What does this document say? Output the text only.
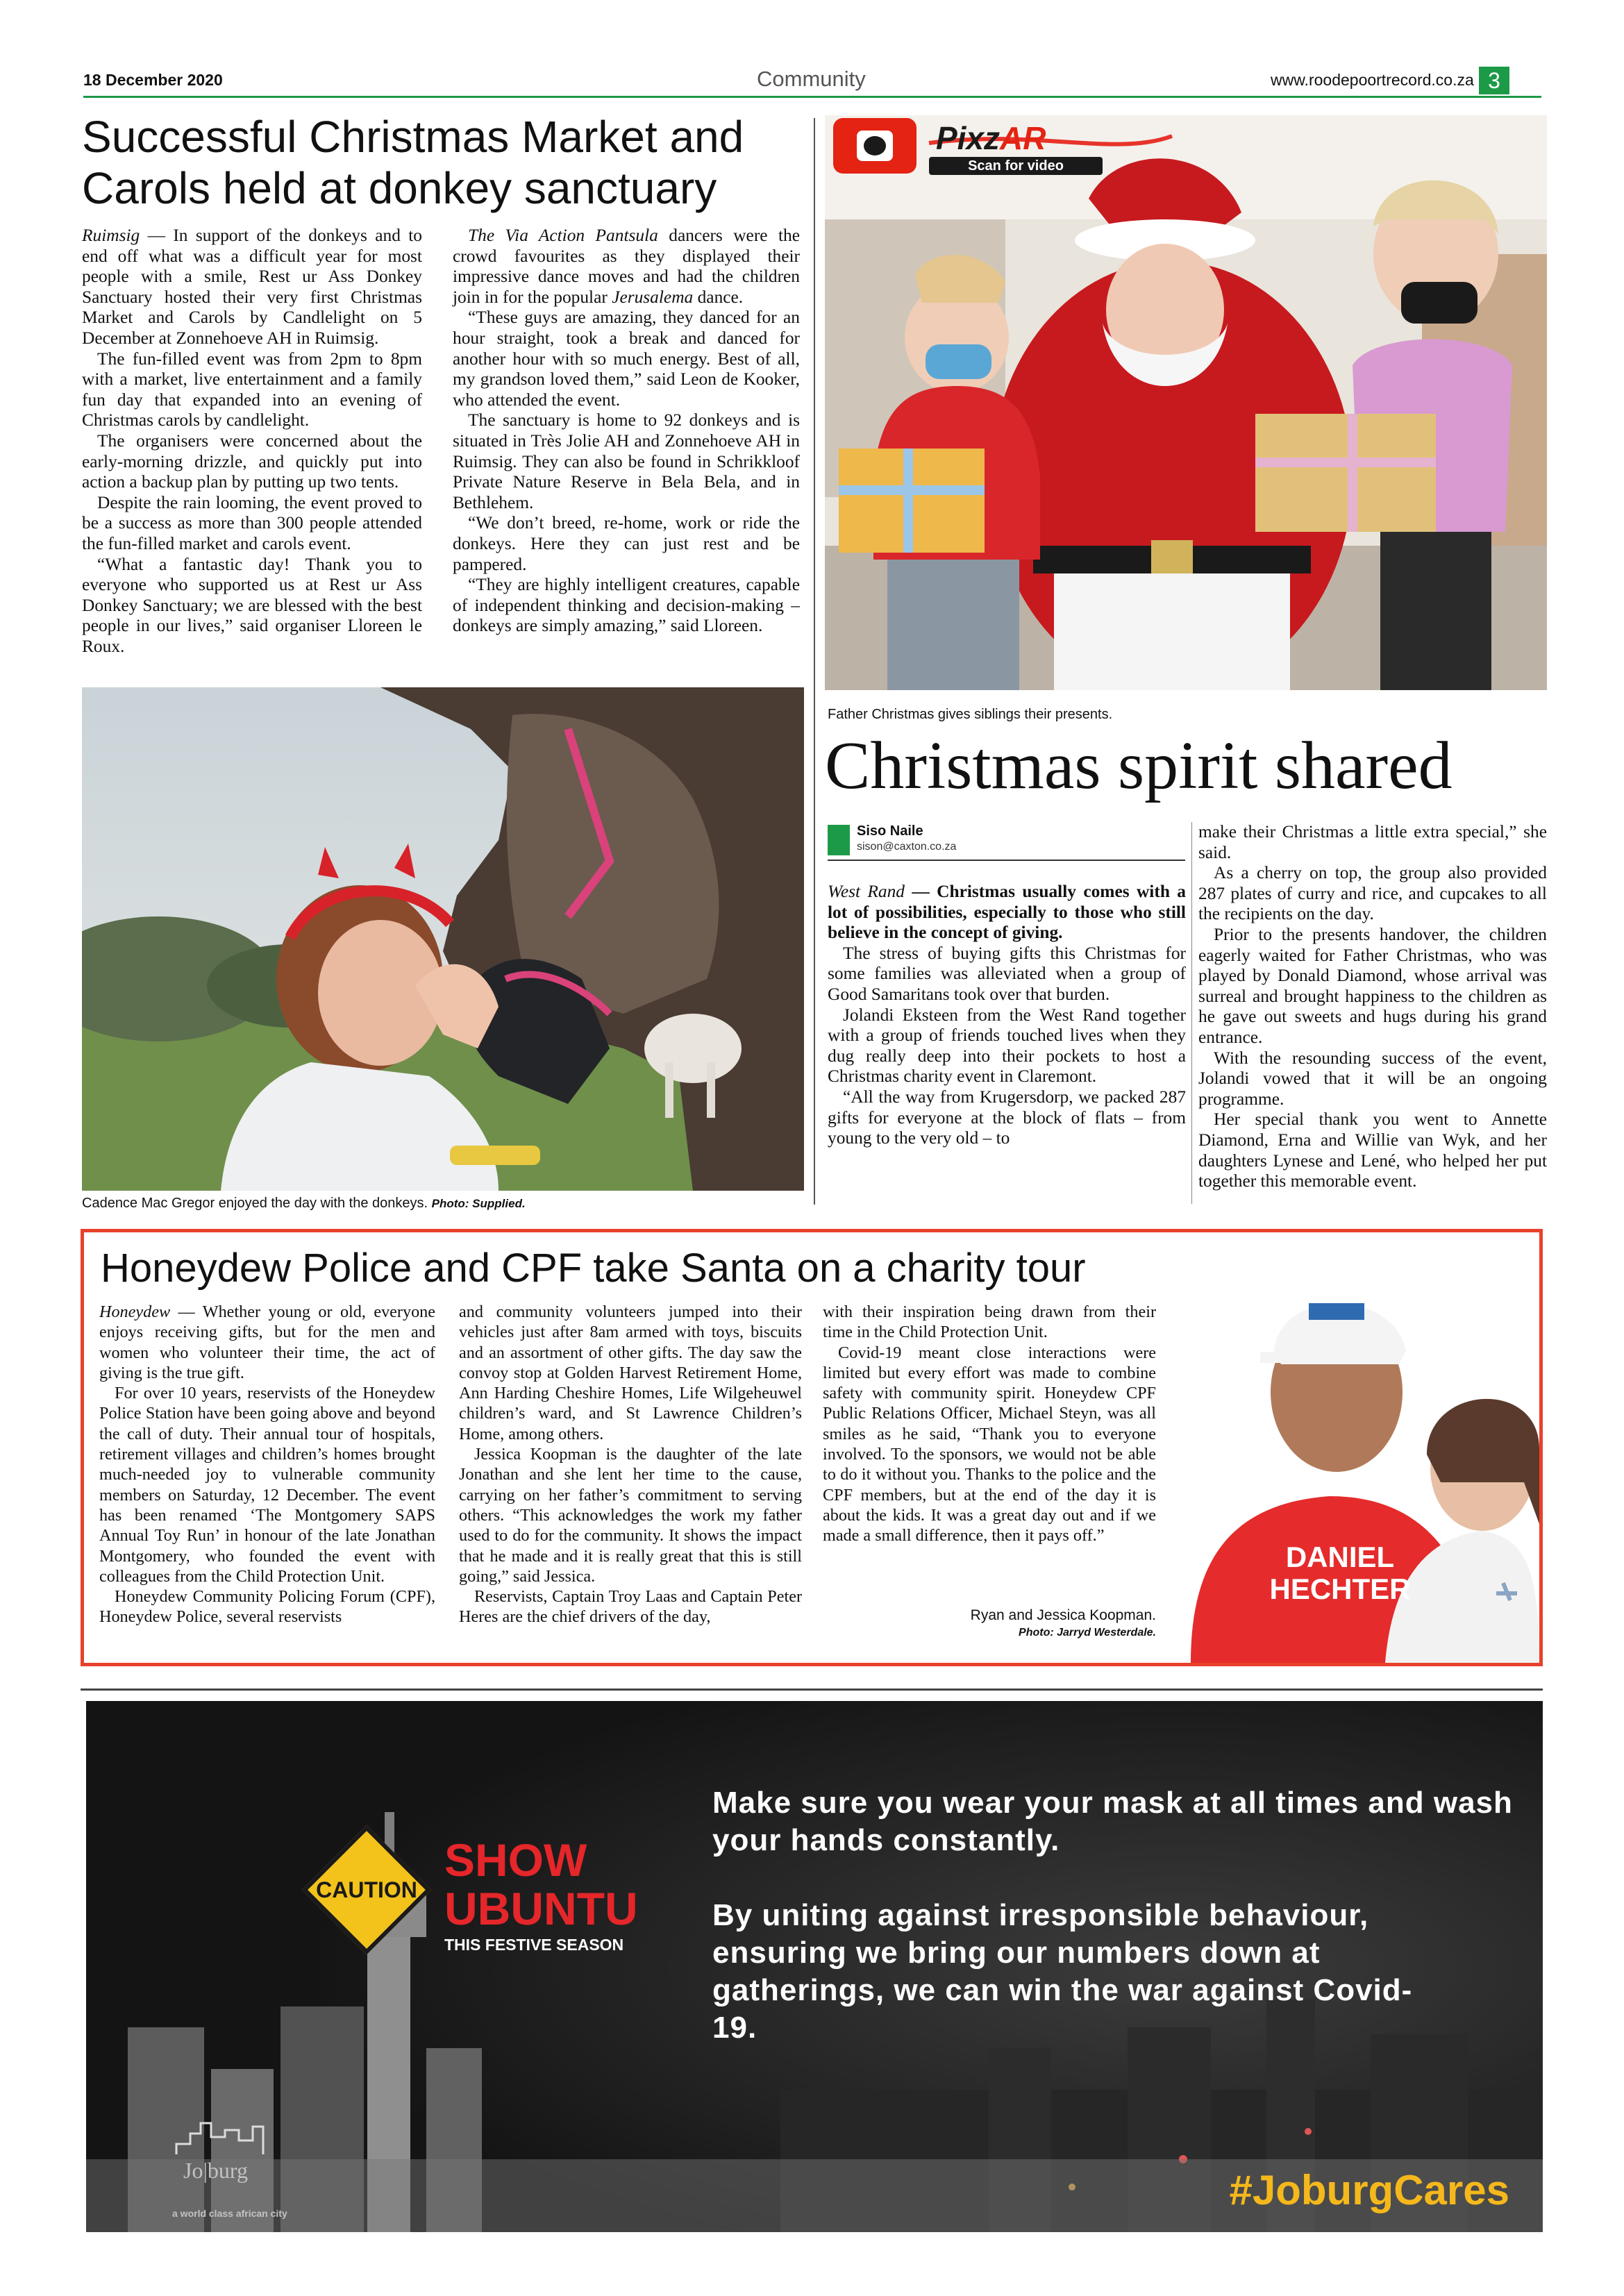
18 December 2020	Community	www.roodepoortrecord.co.za 3
Successful Christmas Market and
Carols held at donkey sanctuary

Ruimsig — In support of the donkeys and to end off what was a difficult year for most people with a smile, Rest ur Ass Donkey Sanctuary hosted their very first Christmas Market and Carols by Candlelight on 5 December at Zonnehoeve AH in Ruimsig.

The fun-filled event was from 2pm to 8pm with a market, live entertainment and a family fun day that expanded into an evening of Christmas carols by candlelight.

The organisers were concerned about the early-morning drizzle, and quickly put into action a backup plan by putting up two tents.

Despite the rain looming, the event proved to be a success as more than 300 people attended the fun-filled market and carols event.

“What a fantastic day! Thank you to everyone who supported us at Rest ur Ass Donkey Sanctuary; we are blessed with the best people in our lives,” said organiser Lloreen le Roux.

The Via Action Pantsula dancers were the crowd favourites as they displayed their impressive dance moves and had the children join in for the popular Jerusalema dance.

“These guys are amazing, they danced for an hour straight, took a break and danced for another hour with so much energy. Best of all, my grandson loved them,” said Leon de Kooker, who attended the event.

The sanctuary is home to 92 donkeys and is situated in Très Jolie AH and Zonnehoeve AH in Ruimsig. They can also be found in Schrikkloof Private Nature Reserve in Bela Bela, and in Bethlehem.

“We don’t breed, re-home, work or ride the donkeys. Here they can just rest and be pampered.

“They are highly intelligent creatures, capable of independent thinking and decision-making – donkeys are simply amazing,” said Lloreen.

Cadence Mac Gregor enjoyed the day with the donkeys. Photo: Supplied.
PixzAR
Scan for video
Father Christmas gives siblings their presents.
Christmas spirit shared
Siso Naile
sison@caxton.co.za

West Rand — Christmas usually comes with a lot of possibilities, especially to those who still believe in the concept of giving.

The stress of buying gifts this Christmas for some families was alleviated when a group of Good Samaritans took over that burden.

Jolandi Eksteen from the West Rand together with a group of friends touched lives when they dug really deep into their pockets to host a Christmas charity event in Claremont.

“All the way from Krugersdorp, we packed 287 gifts for everyone at the block of flats – from young to the very old – to

make their Christmas a little extra special,” she said.

As a cherry on top, the group also provided 287 plates of curry and rice, and cupcakes to all the recipients on the day.

Prior to the presents handover, the children eagerly waited for Father Christmas, who was played by Donald Diamond, whose arrival was surreal and brought happiness to the children as he gave out sweets and hugs during his grand entrance.

With the resounding success of the event, Jolandi vowed that it will be an ongoing programme.

Her special thank you went to Annette Diamond, Erna and Willie van Wyk, and her daughters Lynese and Lené, who helped her put together this memorable event.

Honeydew Police and CPF take Santa on a charity tour

Honeydew — Whether young or old, everyone enjoys receiving gifts, but for the men and women who volunteer their time, the act of giving is the true gift.

For over 10 years, reservists of the Honeydew Police Station have been going above and beyond the call of duty. Their annual tour of hospitals, retirement villages and children’s homes brought much-needed joy to vulnerable community members on Saturday, 12 December. The event has been renamed ‘The Montgomery SAPS Annual Toy Run’ in honour of the late Jonathan Montgomery, who founded the event with colleagues from the Child Protection Unit.

Honeydew Community Policing Forum (CPF), Honeydew Police, several reservists

and community volunteers jumped into their vehicles just after 8am armed with toys, biscuits and an assortment of other gifts. The day saw the convoy stop at Golden Harvest Retirement Home, Ann Harding Cheshire Homes, Life Wilgeheuwel children’s ward, and St Lawrence Children’s Home, among others.

Jessica Koopman is the daughter of the late Jonathan and she lent her time to the cause, carrying on her father’s commitment to serving others. “This acknowledges the work my father used to do for the community. It shows the impact that he made and it is really great that this is still going,” said Jessica.

Reservists, Captain Troy Laas and Captain Peter Heres are the chief drivers of the day,

with their inspiration being drawn from their time in the Child Protection Unit.

Covid-19 meant close interactions were limited but every effort was made to combine safety with community spirit. Honeydew CPF Public Relations Officer, Michael Steyn, was all smiles as he said, “Thank you to everyone involved. To the sponsors, we would not be able to do it without you. Thanks to the police and the CPF members, but at the end of the day it is about the kids. It was a great day out and if we made a small difference, then it pays off.”

Ryan and Jessica Koopman.
Photo: Jarryd Westerdale.
DANIEL
HECHTER
CAUTION
SHOW
UBUNTU
THIS FESTIVE SEASON
Make sure you wear your mask at all times and wash your hands constantly.
By uniting against irresponsible behaviour, ensuring we bring our numbers down at gatherings, we can win the war against Covid-19.
Jo|burg
a world class african city	#JoburgCares
